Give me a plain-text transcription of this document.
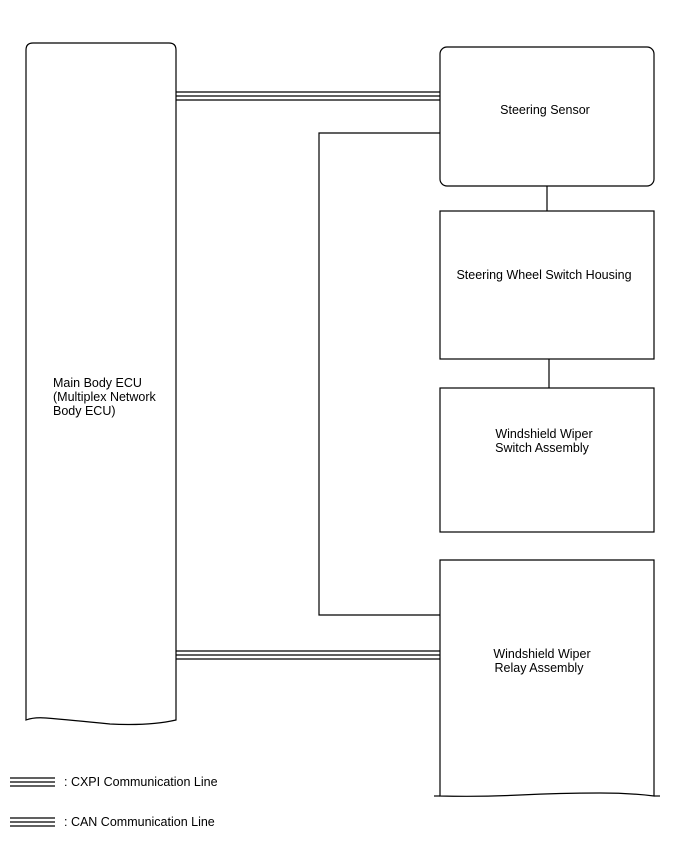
Main Body ECU
(Multiplex Network
Body ECU)
Steering Sensor
Steering Wheel Switch Housing
Windshield Wiper
Switch Assembly
Windshield Wiper
Relay Assembly
: CXPI Communication Line
: CAN Communication Line
